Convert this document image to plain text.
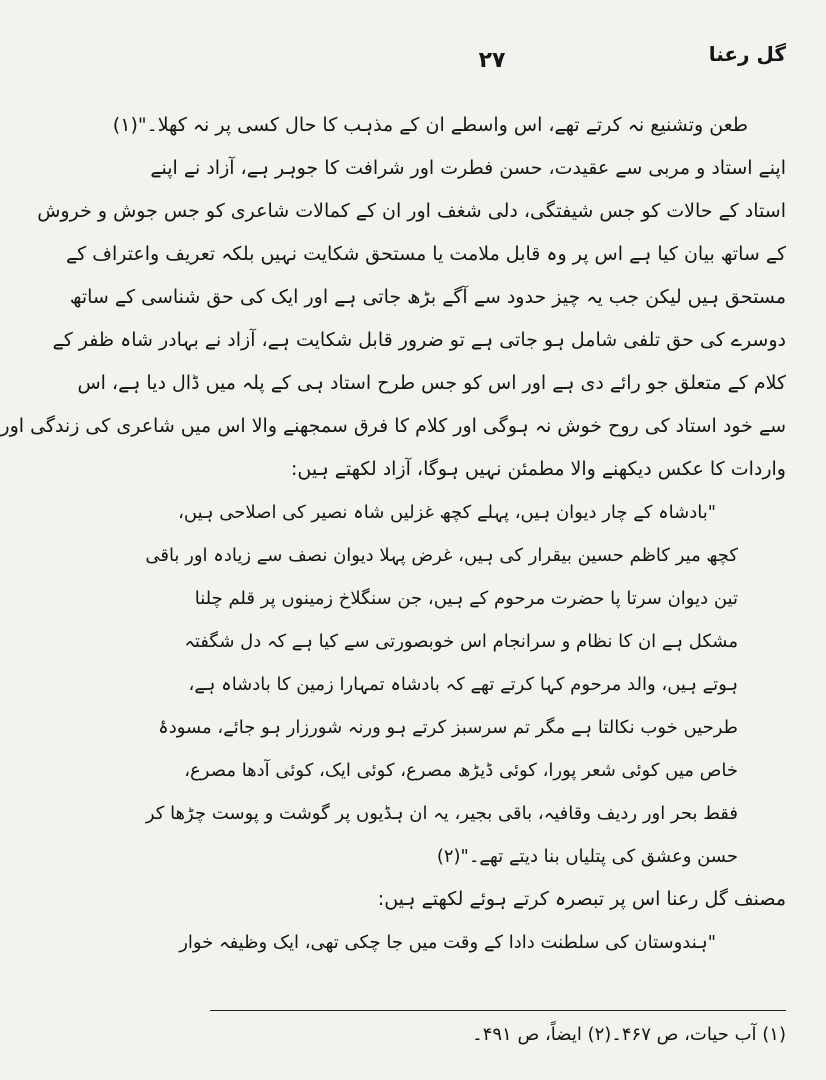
گل رعنا
۲۷
طعن وتشنیع نہ کرتے تھے، اس واسطے ان کے مذہب کا حال کسی پر نہ کھلا۔"(۱)
اپنے استاد و مربی سے عقیدت، حسن فطرت اور شرافت کا جوہر ہے، آزاد نے اپنے
استاد کے حالات کو جس شیفتگی، دلی شغف اور ان کے کمالات شاعری کو جس جوش و خروش
کے ساتھ بیان کیا ہے اس پر وہ قابل ملامت یا مستحق شکایت نہیں بلکہ تعریف واعتراف کے
مستحق ہیں لیکن جب یہ چیز حدود سے آگے بڑھ جاتی ہے اور ایک کی حق شناسی کے ساتھ
دوسرے کی حق تلفی شامل ہو جاتی ہے تو ضرور قابل شکایت ہے، آزاد نے بہادر شاہ ظفر کے
کلام کے متعلق جو رائے دی ہے اور اس کو جس طرح استاد ہی کے پلہ میں ڈال دیا ہے، اس
سے خود استاد کی روح خوش نہ ہوگی اور کلام کا فرق سمجھنے والا اس میں شاعری کی زندگی اور
واردات کا عکس دیکھنے والا مطمئن نہیں ہوگا، آزاد لکھتے ہیں:
"بادشاہ کے چار دیوان ہیں، پہلے کچھ غزلیں شاہ نصیر کی اصلاحی ہیں،
کچھ میر کاظم حسین بیقرار کی ہیں، غرض پہلا دیوان نصف سے زیادہ اور باقی
تین دیوان سرتا پا حضرت مرحوم کے ہیں، جن سنگلاخ زمینوں پر قلم چلنا
مشکل ہے ان کا نظام و سرانجام اس خوبصورتی سے کیا ہے کہ دل شگفتہ
ہوتے ہیں، والد مرحوم کہا کرتے تھے کہ بادشاہ تمہارا زمین کا بادشاہ ہے،
طرحیں خوب نکالتا ہے مگر تم سرسبز کرتے ہو ورنہ شورزار ہو جائے، مسودۂ
خاص میں کوئی شعر پورا، کوئی ڈیڑھ مصرع، کوئی ایک، کوئی آدھا مصرع،
فقط بحر اور ردیف وقافیہ، باقی بجیر، یہ ان ہڈیوں پر گوشت و پوست چڑھا کر
حسن وعشق کی پتلیاں بنا دیتے تھے۔"(۲)
مصنف گل رعنا اس پر تبصرہ کرتے ہوئے لکھتے ہیں:
"ہندوستان کی سلطنت دادا کے وقت میں جا چکی تھی، ایک وظیفہ خوار
(۱) آب حیات، ص ۴۶۷۔(۲) ایضاً، ص ۴۹۱۔
